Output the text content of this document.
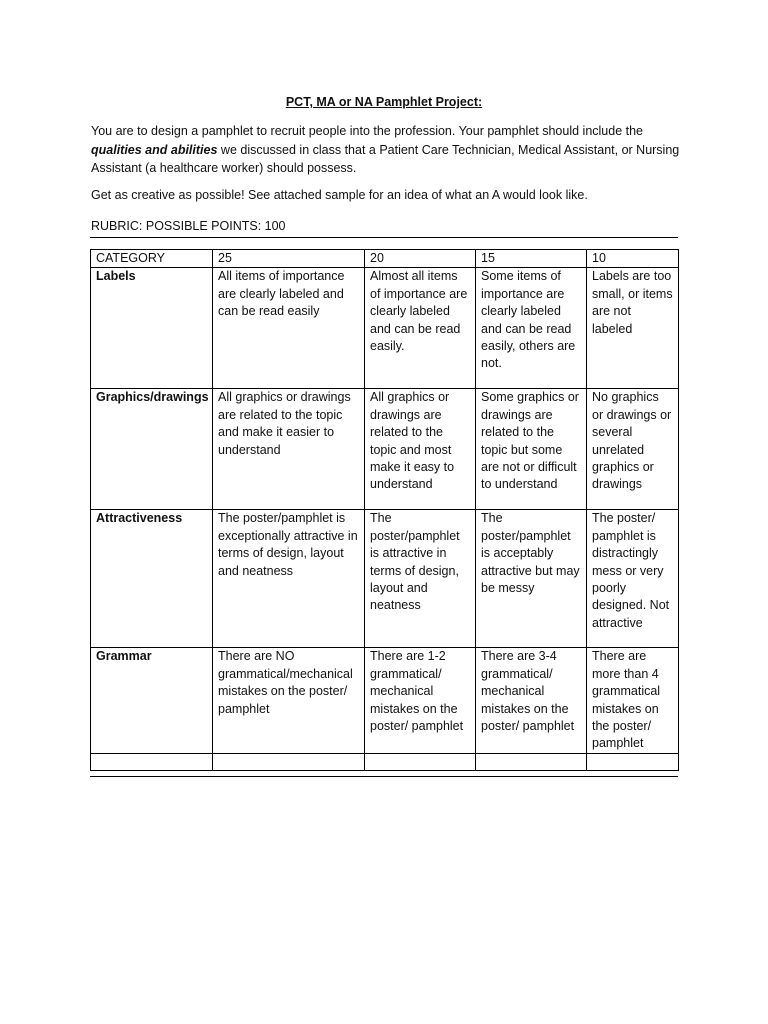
PCT, MA or NA Pamphlet Project:

You are to design a pamphlet to recruit people into the profession. Your pamphlet should include the qualities and abilities we discussed in class that a Patient Care Technician, Medical Assistant, or Nursing Assistant (a healthcare worker) should possess.

Get as creative as possible! See attached sample for an idea of what an A would look like.

RUBRIC: POSSIBLE POINTS: 100

CATEGORY	25	20	15	10
Labels	All items of importance are clearly labeled and can be read easily	Almost all items of importance are clearly labeled and can be read easily.	Some items of importance are clearly labeled and can be read easily, others are not.	Labels are too small, or items are not labeled
Graphics/drawings	All graphics or drawings are related to the topic and make it easier to understand	All graphics or drawings are related to the topic and most make it easy to understand	Some graphics or drawings are related to the topic but some are not or difficult to understand	No graphics or drawings or several unrelated graphics or drawings
Attractiveness	The poster/pamphlet is exceptionally attractive in terms of design, layout and neatness	The poster/pamphlet is attractive in terms of design, layout and neatness	The poster/pamphlet is acceptably attractive but may be messy	The poster/ pamphlet is distractingly mess or very poorly designed. Not attractive
Grammar	There are NO grammatical/mechanical mistakes on the poster/ pamphlet	There are 1-2 grammatical/ mechanical mistakes on the poster/ pamphlet	There are 3-4 grammatical/ mechanical mistakes on the poster/ pamphlet	There are more than 4 grammatical mistakes on the poster/ pamphlet
